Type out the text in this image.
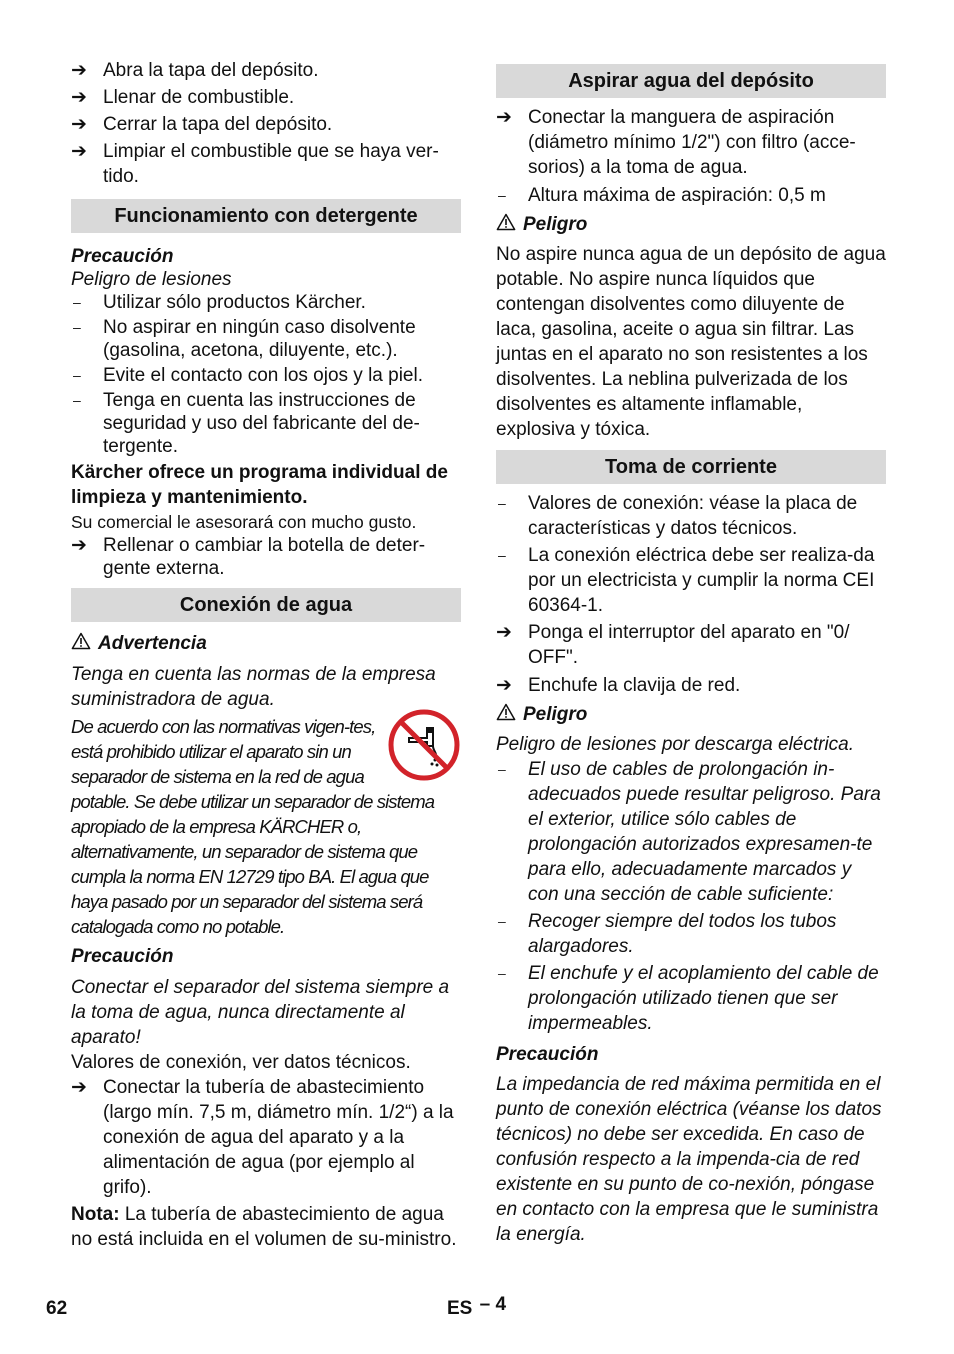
➔ Abra la tapa del depósito.
➔ Llenar de combustible.
➔ Cerrar la tapa del depósito.
➔ Limpiar el combustible que se haya ver-tido.
Funcionamiento con detergente
Precaución
Peligro de lesiones
–	Utilizar sólo productos Kärcher.
–	No aspirar en ningún caso disolvente (gasolina, acetona, diluyente, etc.).
–	Evite el contacto con los ojos y la piel.
–	Tenga en cuenta las instrucciones de seguridad y uso del fabricante del de-tergente.
Kärcher ofrece un programa individual de limpieza y mantenimiento.
Su comercial le asesorará con mucho gusto.
➔ Rellenar o cambiar la botella de deter-gente externa.
Conexión de agua
Advertencia
Tenga en cuenta las normas de la empresa suministradora de agua.
De acuerdo con las normativas vigen-tes, está prohibido utilizar el aparato sin un separador de sistema en la red de agua potable. Se debe utilizar un separador de sistema apropiado de la empresa KÄRCHER o, alternativamente, un separador de sistema que cumpla la norma EN 12729 tipo BA. El agua que haya pasado por un separador del sistema será catalogada como no potable.
Precaución
Conectar el separador del sistema siempre a la toma de agua, nunca directamente al aparato!
Valores de conexión, ver datos técnicos.
➔ Conectar la tubería de abastecimiento (largo mín. 7,5 m, diámetro mín. 1/2“) a la conexión de agua del aparato y a la alimentación de agua (por ejemplo al grifo).
Nota: La tubería de abastecimiento de agua no está incluida en el volumen de su-ministro.
Aspirar agua del depósito
➔ Conectar la manguera de aspiración (diámetro mínimo 1/2") con filtro (acce-sorios) a la toma de agua.
–	Altura máxima de aspiración: 0,5 m
Peligro
No aspire nunca agua de un depósito de agua potable. No aspire nunca líquidos que contengan disolventes como diluyente de laca, gasolina, aceite o agua sin filtrar. Las juntas en el aparato no son resistentes a los disolventes. La neblina pulverizada de los disolventes es altamente inflamable, explosiva y tóxica.
Toma de corriente
–	Valores de conexión: véase la placa de características y datos técnicos.
–	La conexión eléctrica debe ser realiza-da por un electricista y cumplir la norma CEI 60364-1.
➔ Ponga el interruptor del aparato en "0/ OFF".
➔ Enchufe la clavija de red.
Peligro
Peligro de lesiones por descarga eléctrica.
–	El uso de cables de prolongación in-adecuados puede resultar peligroso. Para el exterior, utilice sólo cables de prolongación autorizados expresamen-te para ello, adecuadamente marcados y con una sección de cable suficiente:
–	Recoger siempre del todos los tubos alargadores.
–	El enchufe y el acoplamiento del cable de prolongación utilizado tienen que ser impermeables.
Precaución
La impedancia de red máxima permitida en el punto de conexión eléctrica (véanse los datos técnicos) no debe ser excedida. En caso de confusión respecto a la impenda-cia de red existente en su punto de co-nexión, póngase en contacto con la empresa que le suministra la energía.
62	ES – 4
